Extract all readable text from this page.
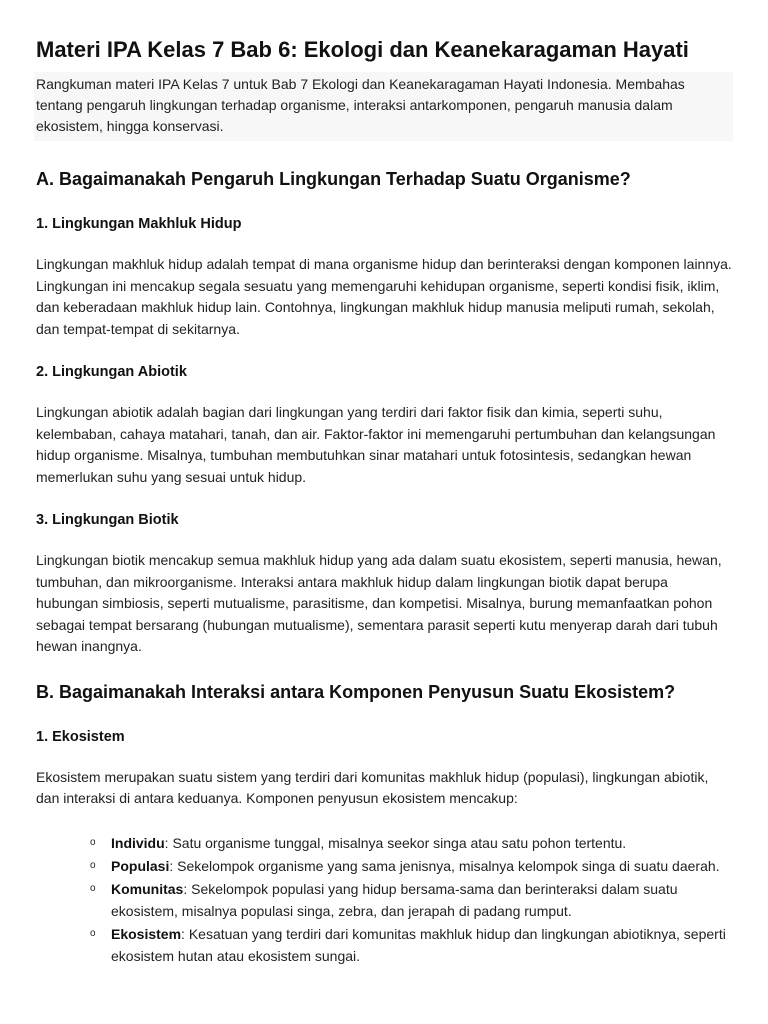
Materi IPA Kelas 7 Bab 6: Ekologi dan Keanekaragaman Hayati
Rangkuman materi IPA Kelas 7 untuk Bab 7 Ekologi dan Keanekaragaman Hayati Indonesia. Membahas tentang pengaruh lingkungan terhadap organisme, interaksi antarkomponen, pengaruh manusia dalam ekosistem, hingga konservasi.
A. Bagaimanakah Pengaruh Lingkungan Terhadap Suatu Organisme?
1. Lingkungan Makhluk Hidup

Lingkungan makhluk hidup adalah tempat di mana organisme hidup dan berinteraksi dengan komponen lainnya. Lingkungan ini mencakup segala sesuatu yang memengaruhi kehidupan organisme, seperti kondisi fisik, iklim, dan keberadaan makhluk hidup lain. Contohnya, lingkungan makhluk hidup manusia meliputi rumah, sekolah, dan tempat-tempat di sekitarnya.

2. Lingkungan Abiotik

Lingkungan abiotik adalah bagian dari lingkungan yang terdiri dari faktor fisik dan kimia, seperti suhu, kelembaban, cahaya matahari, tanah, dan air. Faktor-faktor ini memengaruhi pertumbuhan dan kelangsungan hidup organisme. Misalnya, tumbuhan membutuhkan sinar matahari untuk fotosintesis, sedangkan hewan memerlukan suhu yang sesuai untuk hidup.

3. Lingkungan Biotik

Lingkungan biotik mencakup semua makhluk hidup yang ada dalam suatu ekosistem, seperti manusia, hewan, tumbuhan, dan mikroorganisme. Interaksi antara makhluk hidup dalam lingkungan biotik dapat berupa hubungan simbiosis, seperti mutualisme, parasitisme, dan kompetisi. Misalnya, burung memanfaatkan pohon sebagai tempat bersarang (hubungan mutualisme), sementara parasit seperti kutu menyerap darah dari tubuh hewan inangnya.

B. Bagaimanakah Interaksi antara Komponen Penyusun Suatu Ekosistem?
1. Ekosistem

Ekosistem merupakan suatu sistem yang terdiri dari komunitas makhluk hidup (populasi), lingkungan abiotik, dan interaksi di antara keduanya. Komponen penyusun ekosistem mencakup:

o Individu: Satu organisme tunggal, misalnya seekor singa atau satu pohon tertentu.
o Populasi: Sekelompok organisme yang sama jenisnya, misalnya kelompok singa di suatu daerah.
o Komunitas: Sekelompok populasi yang hidup bersama-sama dan berinteraksi dalam suatu ekosistem, misalnya populasi singa, zebra, dan jerapah di padang rumput.
o Ekosistem: Kesatuan yang terdiri dari komunitas makhluk hidup dan lingkungan abiotiknya, seperti ekosistem hutan atau ekosistem sungai.
